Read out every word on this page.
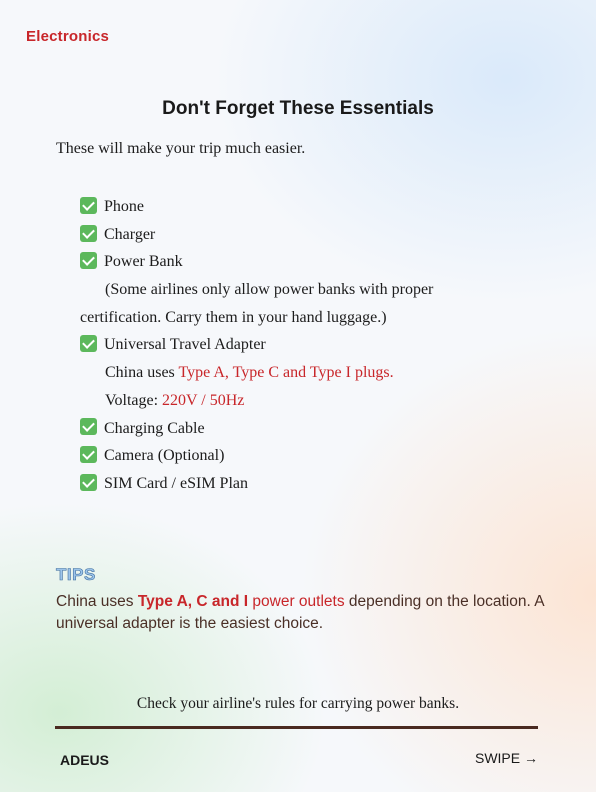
Electronics
Don't Forget These Essentials
These will make your trip much easier.
Phone
Charger
Power Bank
(Some airlines only allow power banks with proper
certification. Carry them in your hand luggage.)
Universal Travel Adapter
China uses Type A, Type C and Type I plugs.
Voltage: 220V / 50Hz
Charging Cable
Camera (Optional)
SIM Card / eSIM Plan
TIPS
China uses Type A, C and I power outlets depending on the location. A universal adapter is the easiest choice.
Check your airline's rules for carrying power banks.
ADEUS	SWIPE →
